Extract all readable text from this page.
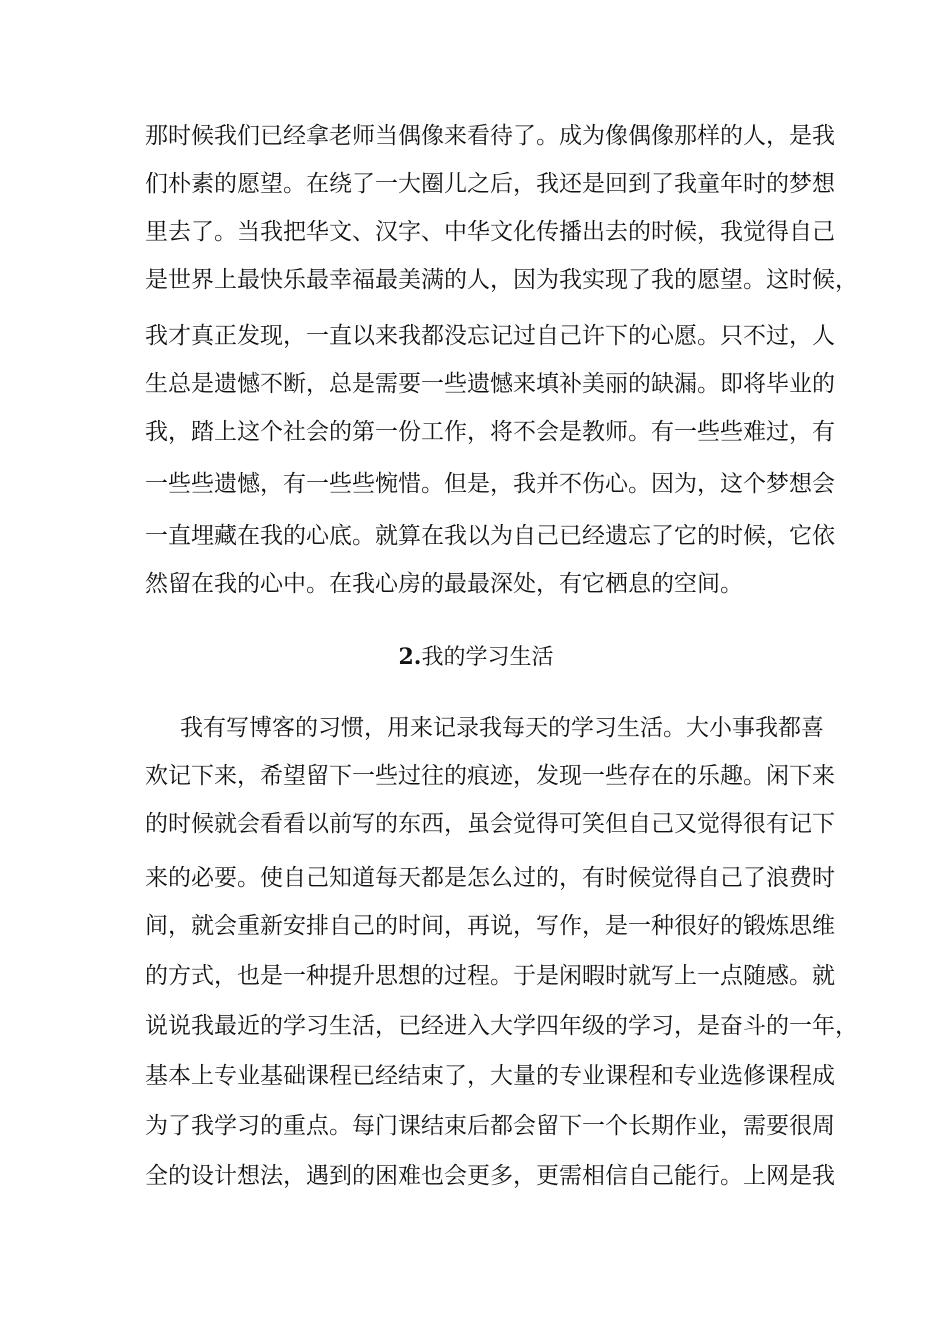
那时候我们已经拿老师当偶像来看待了。成为像偶像那样的人，是我
们朴素的愿望。在绕了一大圈儿之后，我还是回到了我童年时的梦想
里去了。当我把华文、汉字、中华文化传播出去的时候，我觉得自己
是世界上最快乐最幸福最美满的人，因为我实现了我的愿望。这时候，
我才真正发现，一直以来我都没忘记过自己许下的心愿。只不过，人
生总是遗憾不断，总是需要一些遗憾来填补美丽的缺漏。即将毕业的
我，踏上这个社会的第一份工作，将不会是教师。有一些些难过，有
一些些遗憾，有一些些惋惜。但是，我并不伤心。因为，这个梦想会
一直埋藏在我的心底。就算在我以为自己已经遗忘了它的时候，它依
然留在我的心中。在我心房的最最深处，有它栖息的空间。
2.我的学习生活
我有写博客的习惯，用来记录我每天的学习生活。大小事我都喜
欢记下来，希望留下一些过往的痕迹，发现一些存在的乐趣。闲下来
的时候就会看看以前写的东西，虽会觉得可笑但自己又觉得很有记下
来的必要。使自己知道每天都是怎么过的，有时候觉得自己了浪费时
间，就会重新安排自己的时间，再说，写作，是一种很好的锻炼思维
的方式，也是一种提升思想的过程。于是闲暇时就写上一点随感。就
说说我最近的学习生活，已经进入大学四年级的学习，是奋斗的一年，
基本上专业基础课程已经结束了，大量的专业课程和专业选修课程成
为了我学习的重点。每门课结束后都会留下一个长期作业，需要很周
全的设计想法，遇到的困难也会更多，更需相信自己能行。上网是我
